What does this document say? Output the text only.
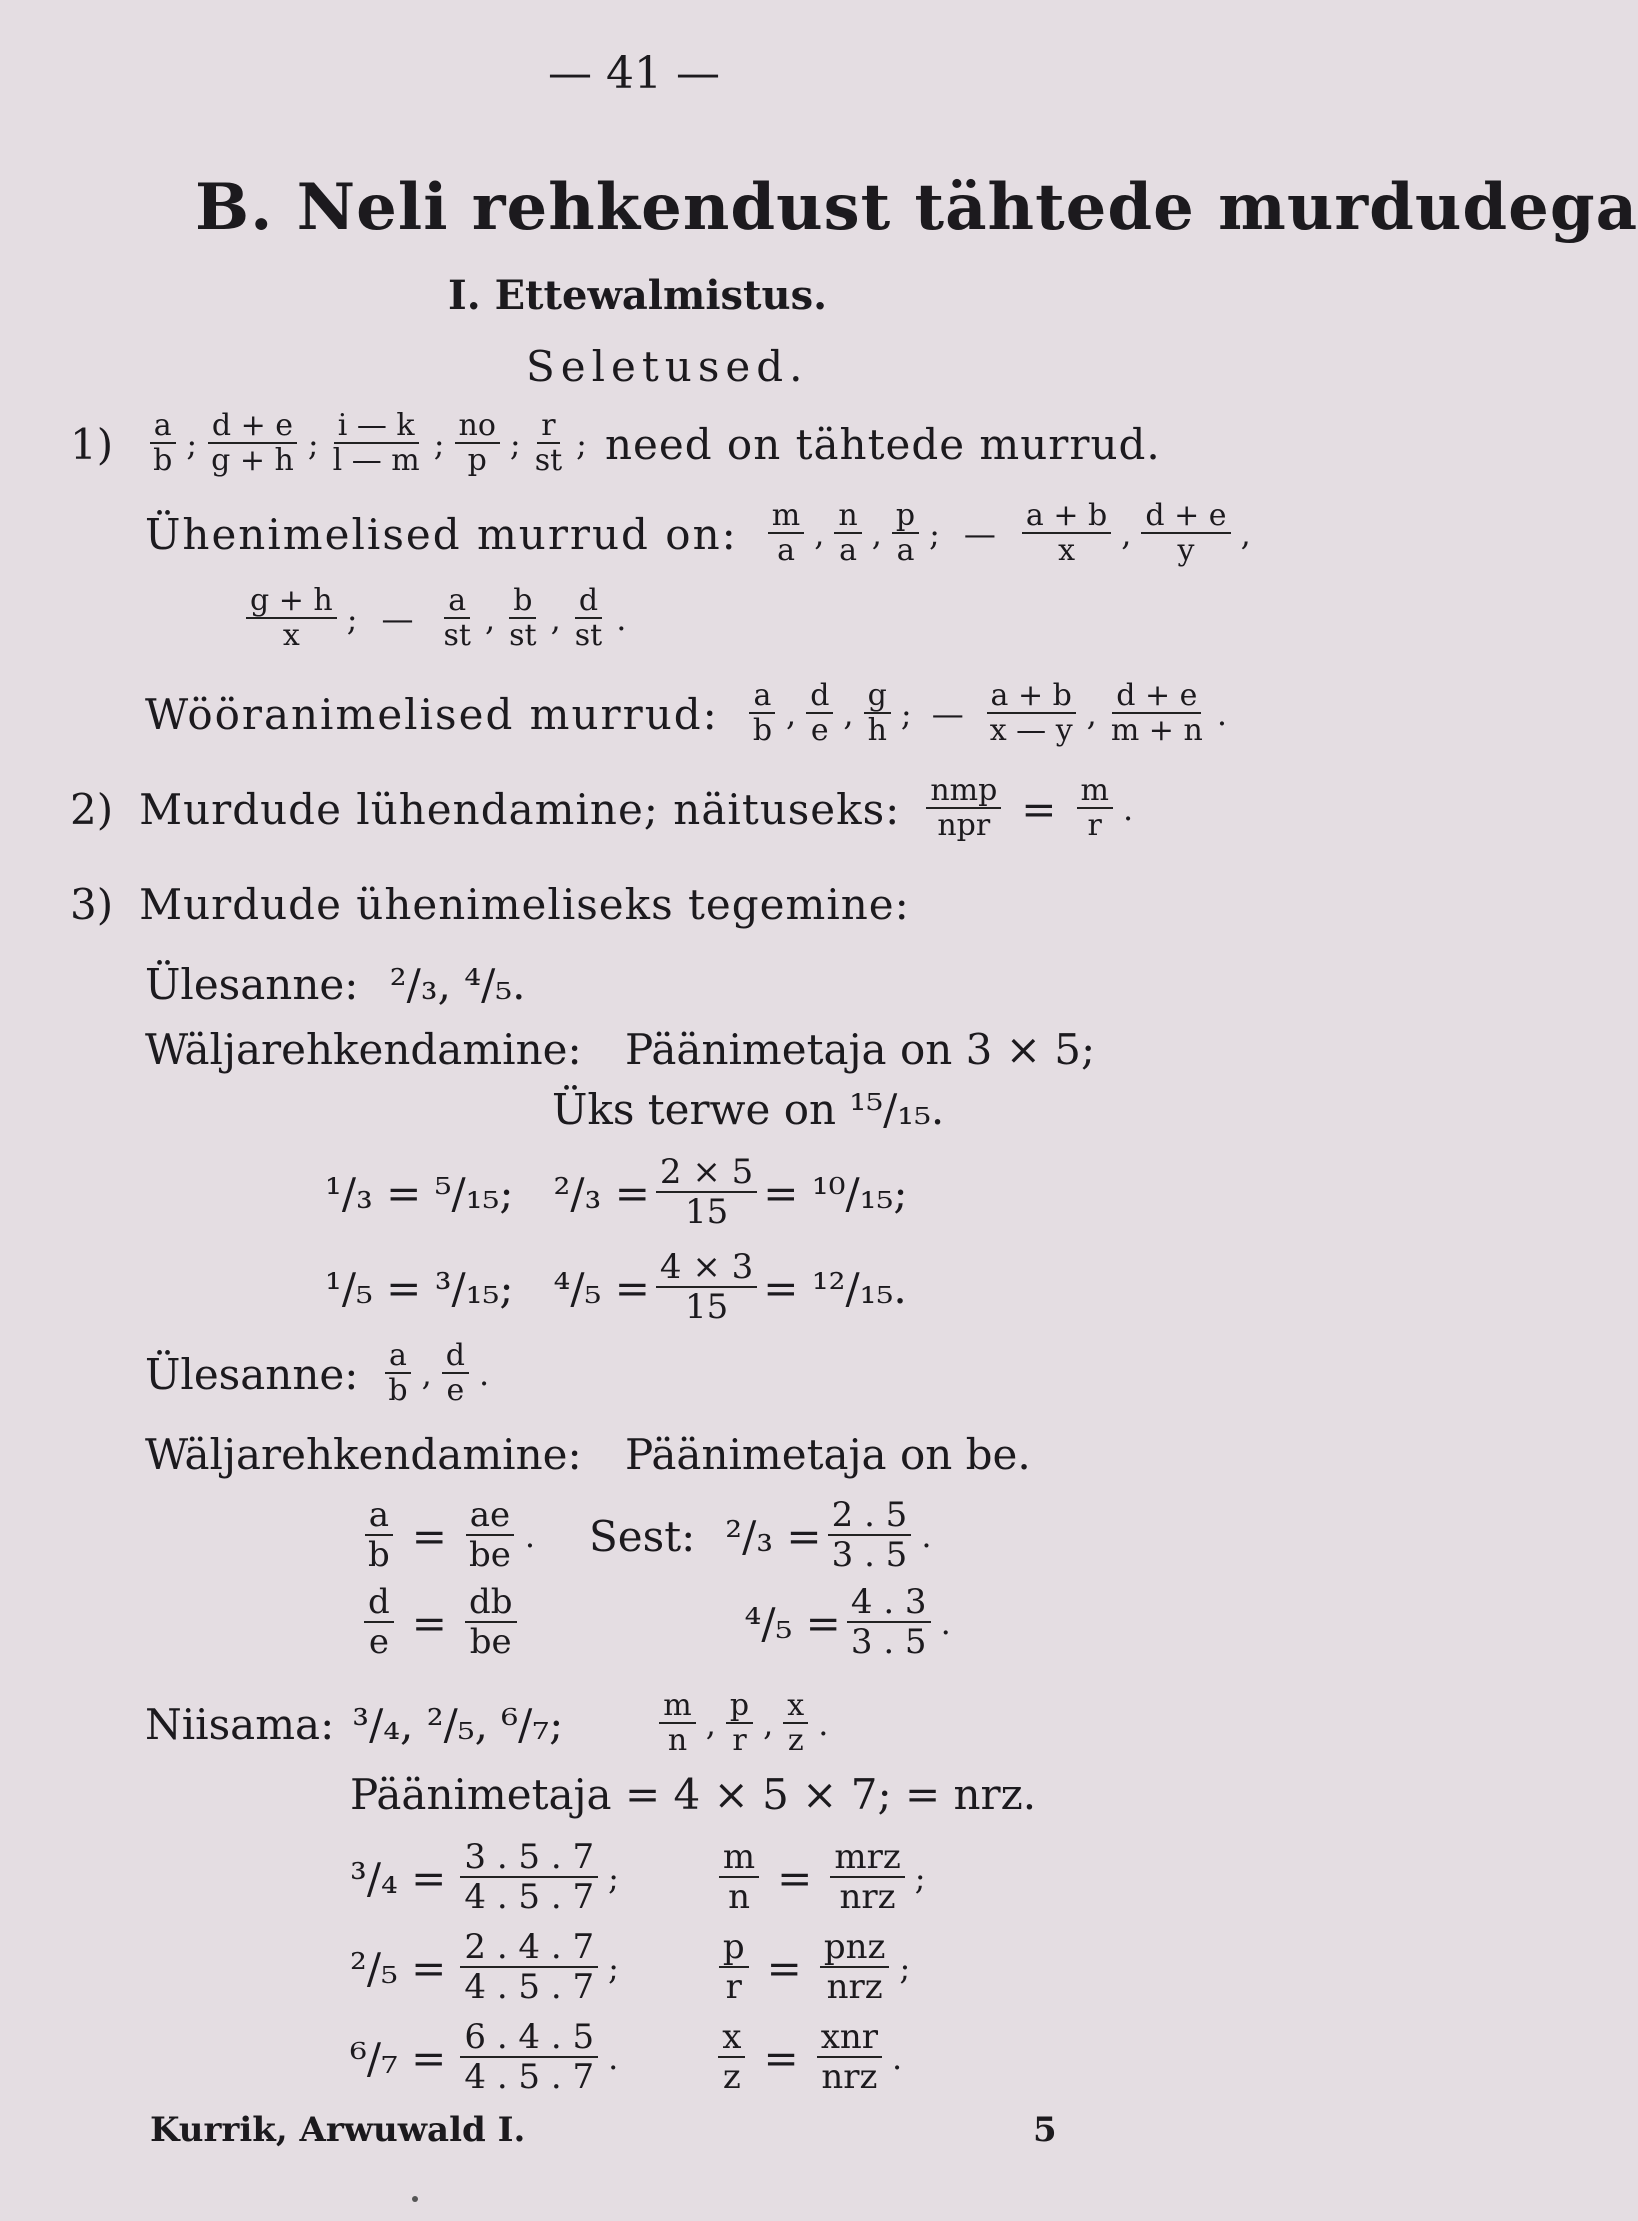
— 41 —
B. Neli rehkendust tähtede murdudega
I. Ettewalmistus.
Seletused.
$1) \frac{a}{b}$ ; $\frac{d + e}{g + h}$ ; $\frac{i — k}{l — m}$ ; $\frac{no}{p}$ ; $\frac{r}{st}$ ; need on tähtede murrud.
Ühenimelised murrud on: $\frac{m}{a}$ , $\frac{n}{a}$ , $\frac{p}{a}$ ; — $\frac{a + b}{x}$ , $\frac{d + e}{y}$ ,
$\frac{g + h}{x}$ ; — $\frac{a}{st}$ , $\frac{b}{st}$ , $\frac{d}{st}$ .
Wööranimelised murrud: $\frac{a}{b}$ , $\frac{d}{e}$ , $\frac{g}{h}$ ; — $\frac{a + b}{x — y}$ , $\frac{d + e}{m + n}$ .
2) Murdude lühendamine; näituseks: nmp
npr = $\frac{m}{r}$ .
3) Murdude ühenimeliseks tegemine:
Ülesanne: ²/₃, ⁴/₅.
Wäljarehkendamine: Päänimetaja on 3 × 5;
Üks terwe on ¹⁵/₁₅.
¹/₃ = ⁵/₁₅; $^2/_3 = \frac{2 \times 5}{15} = ^{10}/_{15}$;
¹/₅ = ³/₁₅; $^4/_5 = \frac{4 \times 3}{15} = ^{12}/_{15}$.
Ülesanne: $\frac{a}{b}$ , $\frac{d}{e}$ .
Wäljarehkendamine: Päänimetaja on be.
$\frac{a}{b} = \frac{ae}{be}$ . Sest: $^2/_3 = \frac{2 . 5}{3 . 5}$ .
$\frac{d}{e} = \frac{db}{be}$	$^4/_5 = \frac{4 . 3}{3 . 5}$ .
Niisama: ³/₄, ²/₅, ⁶/₇;	$\frac{m}{n}$ , $\frac{p}{r}$ , $\frac{x}{z}$ .
Päänimetaja = 4 × 5 × 7; = nrz.
$^3/_4 = \frac{3 . 5 . 7}{4 . 5 . 7}$ ;	$\frac{m}{n}$ = mrz
nrz ;
$^2/_5 = \frac{2 . 4 . 7}{4 . 5 . 7}$ ;	$\frac{p}{r}$ = pnz
nrz ;
$^6/_7 = \frac{6 . 4 . 5}{4 . 5 . 7}$ .	$\frac{x}{z}$ = xnr
nrz .
Kurrik, Arwuwald I.	5
